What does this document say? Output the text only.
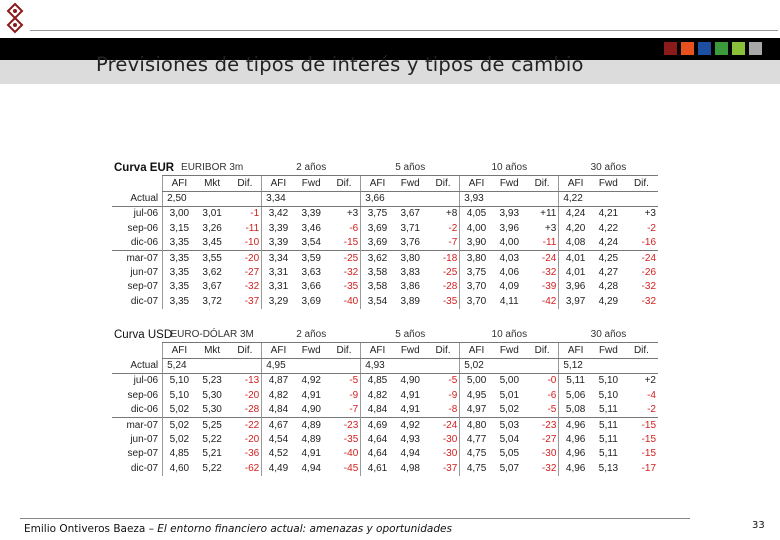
Previsiones de tipos de interés y tipos de cambio
Curva EUR	EURIBOR 3m			2 años			5 años			10 años			30 años		
	AFI	Mkt	Dif.	AFI	Fwd	Dif.	AFI	Fwd	Dif.	AFI	Fwd	Dif.	AFI	Fwd	Dif.
Actual	2,50			3,34			3,66			3,93			4,22		
jul-06	3,00	3,01	-1	3,42	3,39	+3	3,75	3,67	+8	4,05	3,93	+11	4,24	4,21	+3
sep-06	3,15	3,26	-11	3,39	3,46	-6	3,69	3,71	-2	4,00	3,96	+3	4,20	4,22	-2
dic-06	3,35	3,45	-10	3,39	3,54	-15	3,69	3,76	-7	3,90	4,00	-11	4,08	4,24	-16
mar-07	3,35	3,55	-20	3,34	3,59	-25	3,62	3,80	-18	3,80	4,03	-24	4,01	4,25	-24
jun-07	3,35	3,62	-27	3,31	3,63	-32	3,58	3,83	-25	3,75	4,06	-32	4,01	4,27	-26
sep-07	3,35	3,67	-32	3,31	3,66	-35	3,58	3,86	-28	3,70	4,09	-39	3,96	4,28	-32
dic-07	3,35	3,72	-37	3,29	3,69	-40	3,54	3,89	-35	3,70	4,11	-42	3,97	4,29	-32
Curva USD	EURO-DÓLAR 3M			2 años			5 años			10 años			30 años		
	AFI	Mkt	Dif.	AFI	Fwd	Dif.	AFI	Fwd	Dif.	AFI	Fwd	Dif.	AFI	Fwd	Dif.
Actual	5,24			4,95			4,93			5,02			5,12		
jul-06	5,10	5,23	-13	4,87	4,92	-5	4,85	4,90	-5	5,00	5,00	-0	5,11	5,10	+2
sep-06	5,10	5,30	-20	4,82	4,91	-9	4,82	4,91	-9	4,95	5,01	-6	5,06	5,10	-4
dic-06	5,02	5,30	-28	4,84	4,90	-7	4,84	4,91	-8	4,97	5,02	-5	5,08	5,11	-2
mar-07	5,02	5,25	-22	4,67	4,89	-23	4,69	4,92	-24	4,80	5,03	-23	4,96	5,11	-15
jun-07	5,02	5,22	-20	4,54	4,89	-35	4,64	4,93	-30	4,77	5,04	-27	4,96	5,11	-15
sep-07	4,85	5,21	-36	4,52	4,91	-40	4,64	4,94	-30	4,75	5,05	-30	4,96	5,11	-15
dic-07	4,60	5,22	-62	4,49	4,94	-45	4,61	4,98	-37	4,75	5,07	-32	4,96	5,13	-17
Emilio Ontiveros Baeza – El entorno financiero actual: amenazas y oportunidades	33
